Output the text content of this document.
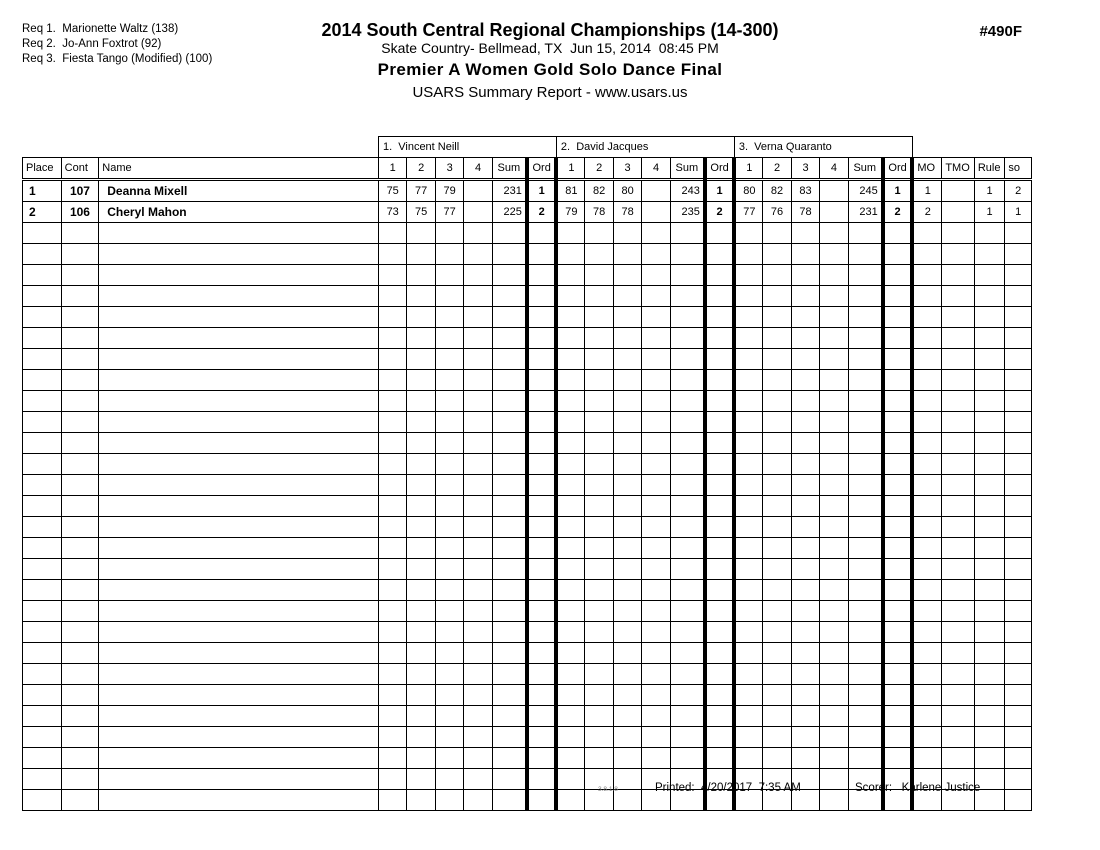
Req 1.  Marionette Waltz (138)
Req 2.  Jo-Ann Foxtrot (92)
Req 3.  Fiesta Tango (Modified) (100)
2014 South Central Regional Championships (14-300)
Skate Country- Bellmead, TX  Jun 15, 2014  08:45 PM
Premier A Women Gold Solo Dance Final
USARS Summary Report - www.usars.us
#490F
			1.  Vincent Neill						2.  David Jacques						3.  Verna Quaranto									
Place	Cont	Name	1	2	3	4	Sum	Ord	1	2	3	4	Sum	Ord	1	2	3	4	Sum	Ord	MO	TMO	Rule	so
1	107	Deanna Mixell	75	77	79		231	1	81	82	80		243	1	80	82	83		245	1	1		1	2
2	106	Cheryl Mahon	73	75	77		225	2	79	78	78		235	2	77	76	78		231	2	2		1	1

3.8.1.8	Printed: 4/20/2017  7:35 AM	Scorer: Karlene Justice
